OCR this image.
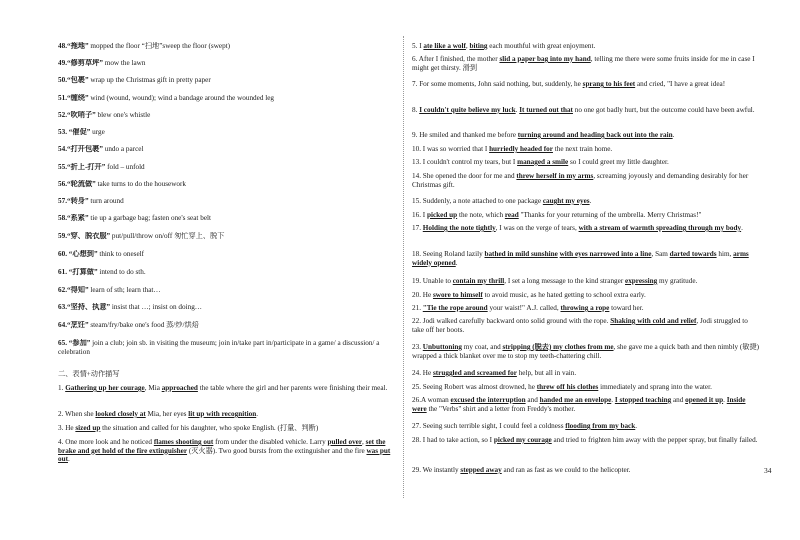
48.“拖地” mopped the floor “扫地”sweep the floor (swept)
49.“修剪草坪” mow the lawn
50.“包裹” wrap up the Christmas gift in pretty paper
51.“缠绕” wind (wound, wound); wind a bandage around the wounded leg
52.“吹哨子” blew one's whistle
53. “催促” urge
54.“打开包裹” undo a parcel
55.“折上-打开” fold – unfold
56.“轮流做” take turns to do the housework
57.“转身” turn around
58.“系紧” tie up a garbage bag; fasten one's seat belt
59.“穿、脱衣服” put/pull/throw on/off 匆忙穿上、脱下
60. “心想到” think to oneself
61. “打算做” intend to do sth.
62.“得知” learn of sth; learn that…
63.“坚持、执意” insist that …; insist on doing…
64.“烹饪” steam/fry/bake one's food 蒸/炒/烘焙
65. “参加” join a club; join sb. in visiting the museum; join in/take part in/participate in a game/ a discussion/ a celebration
二、表情+动作描写
1. Gathering up her courage, Mia approached the table where the girl and her parents were finishing their meal.
2. When she looked closely at Mia, her eyes lit up with recognition.
3. He sized up the situation and called for his daughter, who spoke English. (打量、判断)
4. One more look and he noticed flames shooting out from under the disabled vehicle. Larry pulled over, set the brake and get hold of the fire extinguisher (灭火器). Two good bursts from the extinguisher and the fire was put out.
5. I ate like a wolf, biting each mouthful with great enjoyment.
6. After I finished, the mother slid a paper bag into my hand, telling me there were some fruits inside for me in case I might get thirsty. 滑到
7. For some moments, John said nothing, but, suddenly, he sprang to his feet and cried, "I have a great idea!
8. I couldn't quite believe my luck. It turned out that no one got badly hurt, but the outcome could have been awful.
9. He smiled and thanked me before turning around and heading back out into the rain.
10. I was so worried that I hurriedly headed for the next train home.
13. I couldn't control my tears, but I managed a smile so I could greet my little daughter.
14. She opened the door for me and threw herself in my arms, screaming joyously and demanding desirably for her Christmas gift.
15. Suddenly, a note attached to one package caught my eyes.
16. I picked up the note, which read "Thanks for your returning of the umbrella. Merry Christmas!"
17. Holding the note tightly, I was on the verge of tears, with a stream of warmth spreading through my body.
18. Seeing Roland lazily bathed in mild sunshine with eyes narrowed into a line, Sam darted towards him, arms widely opened.
19. Unable to contain my thrill, I set a long message to the kind stranger expressing my gratitude.
20. He swore to himself to avoid music, as he hated getting to school extra early.
21. "Tie the rope around your waist!" A.J. called, throwing a rope toward her.
22. Jodi walked carefully backward onto solid ground with the rope. Shaking with cold and relief, Jodi struggled to take off her boots.
23. Unbuttoning my coat, and stripping (脱去) my clothes from me, she gave me a quick bath and then nimbly (敏捷) wrapped a thick blanket over me to stop my teeth-chattering chill.
24. He struggled and screamed for help, but all in vain.
25. Seeing Robert was almost drowned, he threw off his clothes immediately and sprang into the water.
26.A woman excused the interruption and handed me an envelope. I stopped teaching and opened it up. Inside were the "Verbs" shirt and a letter from Freddy's mother.
27. Seeing such terrible sight, I could feel a coldness flooding from my back.
28. I had to take action, so I picked my courage and tried to frighten him away with the pepper spray, but finally failed.
29. We instantly stepped away and ran as fast as we could to the helicopter.	34
